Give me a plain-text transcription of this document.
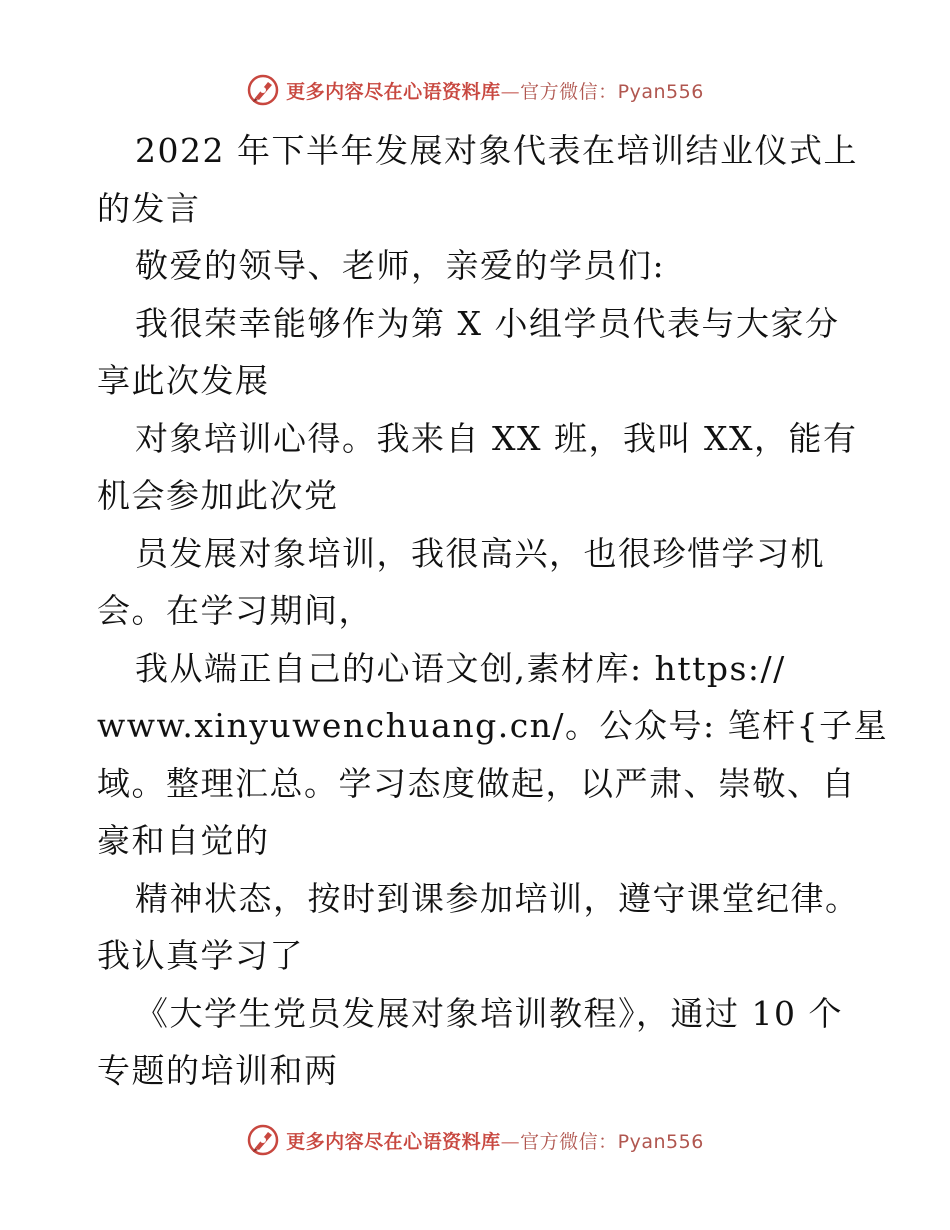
更多内容尽在心语资料库—官方微信：Pyan556
2022 年下半年发展对象代表在培训结业仪式上
的发言
敬爱的领导、老师，亲爱的学员们:
我很荣幸能够作为第 X 小组学员代表与大家分
享此次发展
对象培训心得。我来自 XX 班，我叫 XX，能有
机会参加此次党
员发展对象培训，我很高兴，也很珍惜学习机
会。在学习期间，
我从端正自己的心语文创,素材库: https://
www.xinyuwenchuang.cn/。公众号: 笔杆{子星
域。整理汇总。学习态度做起，以严肃、崇敬、自
豪和自觉的
精神状态，按时到课参加培训，遵守课堂纪律。
我认真学习了
《大学生党员发展对象培训教程》，通过 10 个
专题的培训和两
更多内容尽在心语资料库—官方微信：Pyan556
